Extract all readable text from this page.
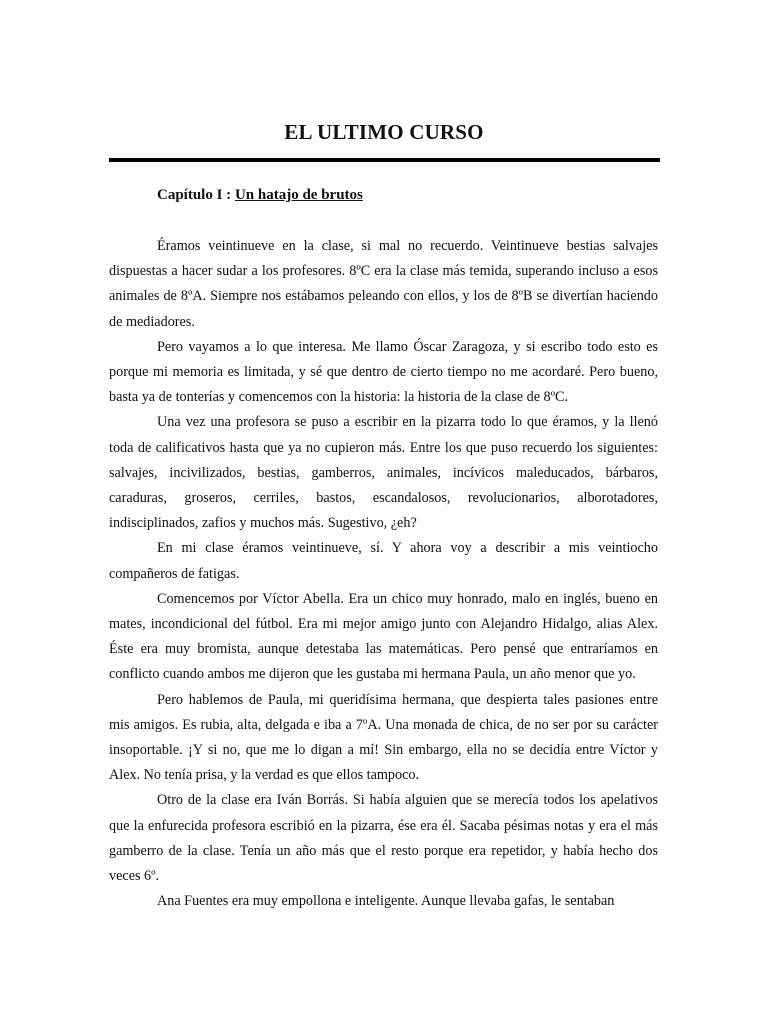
EL ULTIMO CURSO
Capítulo I : Un hatajo de brutos

Éramos veintinueve en la clase, si mal no recuerdo. Veintinueve bestias salvajes dispuestas a hacer sudar a los profesores. 8ºC era la clase más temida, superando incluso a esos animales de 8ºA. Siempre nos estábamos peleando con ellos, y los de 8ºB se divertían haciendo de mediadores.

Pero vayamos a lo que interesa. Me llamo Óscar Zaragoza, y si escribo todo esto es porque mi memoria es limitada, y sé que dentro de cierto tiempo no me acordaré. Pero bueno, basta ya de tonterías y comencemos con la historia: la historia de la clase de 8ºC.

Una vez una profesora se puso a escribir en la pizarra todo lo que éramos, y la llenó toda de calificativos hasta que ya no cupieron más. Entre los que puso recuerdo los siguientes: salvajes, incivilizados, bestias, gamberros, animales, incívicos maleducados, bárbaros, caraduras, groseros, cerriles, bastos, escandalosos, revolucionarios, alborotadores, indisciplinados, zafios y muchos más. Sugestivo, ¿eh?

En mi clase éramos veintinueve, sí. Y ahora voy a describir a mis veintiocho compañeros de fatigas.

Comencemos por Víctor Abella. Era un chico muy honrado, malo en inglés, bueno en mates, incondicional del fútbol. Era mi mejor amigo junto con Alejandro Hidalgo, alias Alex. Éste era muy bromista, aunque detestaba las matemáticas. Pero pensé que entraríamos en conflicto cuando ambos me dijeron que les gustaba mi hermana Paula, un año menor que yo.

Pero hablemos de Paula, mi queridísima hermana, que despierta tales pasiones entre mis amigos. Es rubia, alta, delgada e iba a 7ºA. Una monada de chica, de no ser por su carácter insoportable. ¡Y si no, que me lo digan a mí! Sin embargo, ella no se decidía entre Víctor y Alex. No tenía prisa, y la verdad es que ellos tampoco.

Otro de la clase era Iván Borrás. Si había alguien que se merecía todos los apelativos que la enfurecida profesora escribió en la pizarra, ése era él. Sacaba pésimas notas y era el más gamberro de la clase. Tenía un año más que el resto porque era repetidor, y había hecho dos veces 6º.

Ana Fuentes era muy empollona e inteligente. Aunque llevaba gafas, le sentaban
